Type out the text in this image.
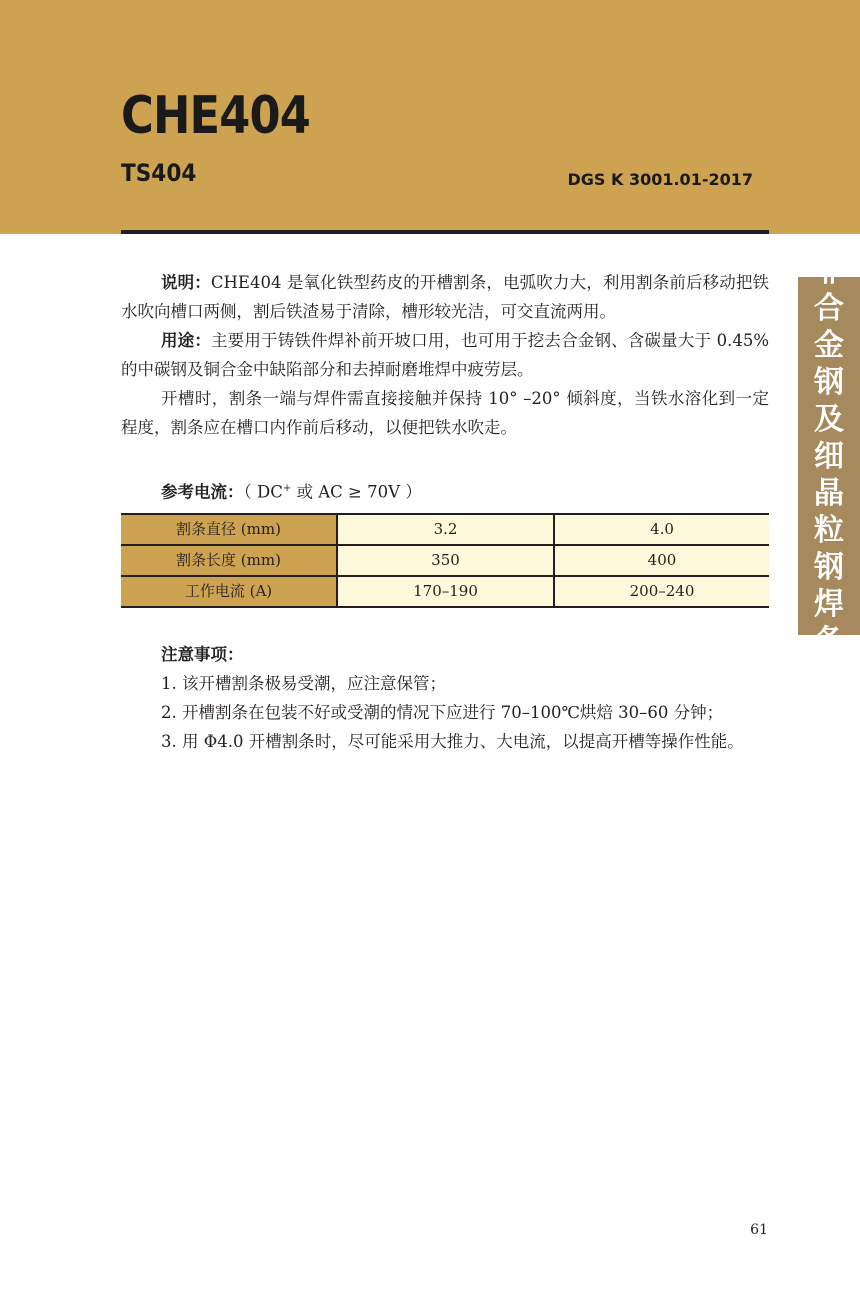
CHE404
TS404	DGS K 3001.01-2017
非
合
金
钢
及
细
晶
粒
钢
焊
条

说明：CHE404 是氧化铁型药皮的开槽割条，电弧吹力大，利用割条前后移动把铁水吹向槽口两侧，割后铁渣易于清除，槽形较光洁，可交直流两用。

用途：主要用于铸铁件焊补前开坡口用，也可用于挖去合金钢、含碳量大于 0.45% 的中碳钢及铜合金中缺陷部分和去掉耐磨堆焊中疲劳层。

开槽时，割条一端与焊件需直接接触并保持 10° –20° 倾斜度，当铁水溶化到一定程度，割条应在槽口内作前后移动，以便把铁水吹走。

参考电流：（ DC+ 或 AC ≥ 70V ）

割条直径 (mm)	3.2	4.0
割条长度 (mm)	350	400
工作电流 (A)	170–190	200–240

注意事项：

1. 该开槽割条极易受潮，应注意保管；

2. 开槽割条在包装不好或受潮的情况下应进行 70–100℃烘焙 30–60 分钟；

3. 用 Φ4.0 开槽割条时，尽可能采用大推力、大电流，以提高开槽等操作性能。

61
